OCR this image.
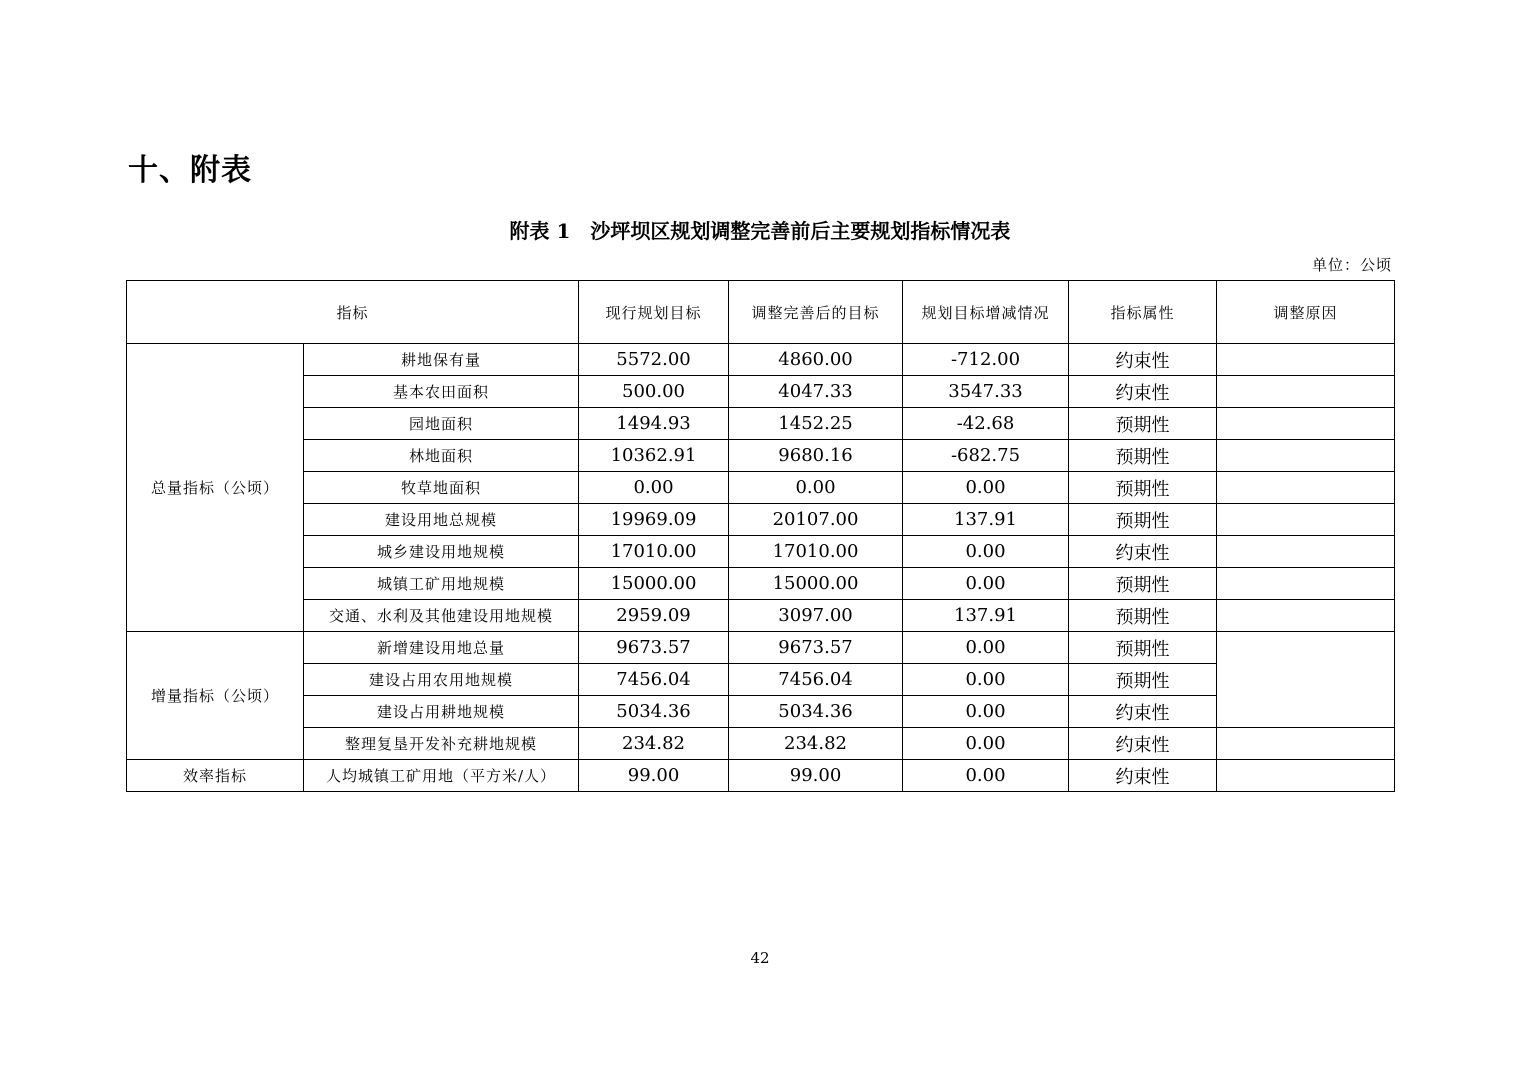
十、附表
附表 1　沙坪坝区规划调整完善前后主要规划指标情况表
单位：公顷
指标		现行规划目标	调整完善后的目标	规划目标增减情况	指标属性	调整原因
总量指标（公顷）	耕地保有量	5572.00	4860.00	-712.00	约束性	
	基本农田面积	500.00	4047.33	3547.33	约束性	
	园地面积	1494.93	1452.25	-42.68	预期性	
	林地面积	10362.91	9680.16	-682.75	预期性	
	牧草地面积	0.00	0.00	0.00	预期性	
	建设用地总规模	19969.09	20107.00	137.91	预期性	
	城乡建设用地规模	17010.00	17010.00	0.00	约束性	
	城镇工矿用地规模	15000.00	15000.00	0.00	预期性	
	交通、水利及其他建设用地规模	2959.09	3097.00	137.91	预期性	
增量指标（公顷）	新增建设用地总量	9673.57	9673.57	0.00	预期性	
	建设占用农用地规模	7456.04	7456.04	0.00	预期性	
	建设占用耕地规模	5034.36	5034.36	0.00	约束性	
	整理复垦开发补充耕地规模	234.82	234.82	0.00	约束性	
效率指标	人均城镇工矿用地（平方米/人）	99.00	99.00	0.00	约束性	
42
